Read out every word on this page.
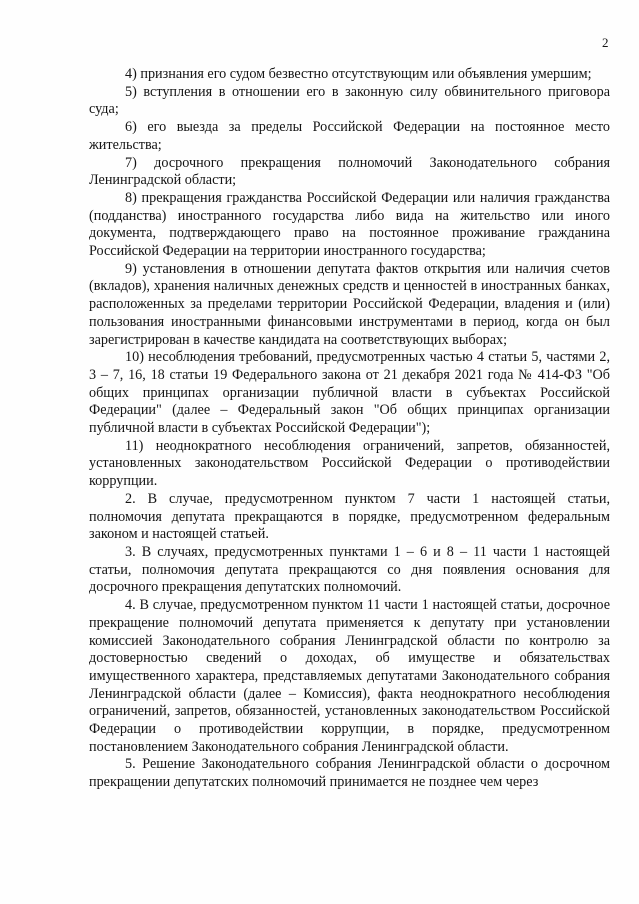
2

4) признания его судом безвестно отсутствующим или объявления умершим;

5) вступления в отношении его в законную силу обвинительного приговора суда;

6) его выезда за пределы Российской Федерации на постоянное место жительства;

7) досрочного прекращения полномочий Законодательного собрания Ленинградской области;

8) прекращения гражданства Российской Федерации или наличия гражданства (подданства) иностранного государства либо вида на жительство или иного документа, подтверждающего право на постоянное проживание гражданина Российской Федерации на территории иностранного государства;

9) установления в отношении депутата фактов открытия или наличия счетов (вкладов), хранения наличных денежных средств и ценностей в иностранных банках, расположенных за пределами территории Российской Федерации, владения и (или) пользования иностранными финансовыми инструментами в период, когда он был зарегистрирован в качестве кандидата на соответствующих выборах;

10) несоблюдения требований, предусмотренных частью 4 статьи 5, частями 2, 3 – 7, 16, 18 статьи 19 Федерального закона от 21 декабря 2021 года № 414-ФЗ "Об общих принципах организации публичной власти в субъектах Российской Федерации" (далее – Федеральный закон "Об общих принципах организации публичной власти в субъектах Российской Федерации");

11) неоднократного несоблюдения ограничений, запретов, обязанностей, установленных законодательством Российской Федерации о противодействии коррупции.

2. В случае, предусмотренном пунктом 7 части 1 настоящей статьи, полномочия депутата прекращаются в порядке, предусмотренном федеральным законом и настоящей статьей.

3. В случаях, предусмотренных пунктами 1 – 6 и 8 – 11 части 1 настоящей статьи, полномочия депутата прекращаются со дня появления основания для досрочного прекращения депутатских полномочий.

4. В случае, предусмотренном пунктом 11 части 1 настоящей статьи, досрочное прекращение полномочий депутата применяется к депутату при установлении комиссией Законодательного собрания Ленинградской области по контролю за достоверностью сведений о доходах, об имуществе и обязательствах имущественного характера, представляемых депутатами Законодательного собрания Ленинградской области (далее – Комиссия), факта неоднократного несоблюдения ограничений, запретов, обязанностей, установленных законодательством Российской Федерации о противодействии коррупции, в порядке, предусмотренном постановлением Законодательного собрания Ленинградской области.

5. Решение Законодательного собрания Ленинградской области о досрочном прекращении депутатских полномочий принимается не позднее чем через
